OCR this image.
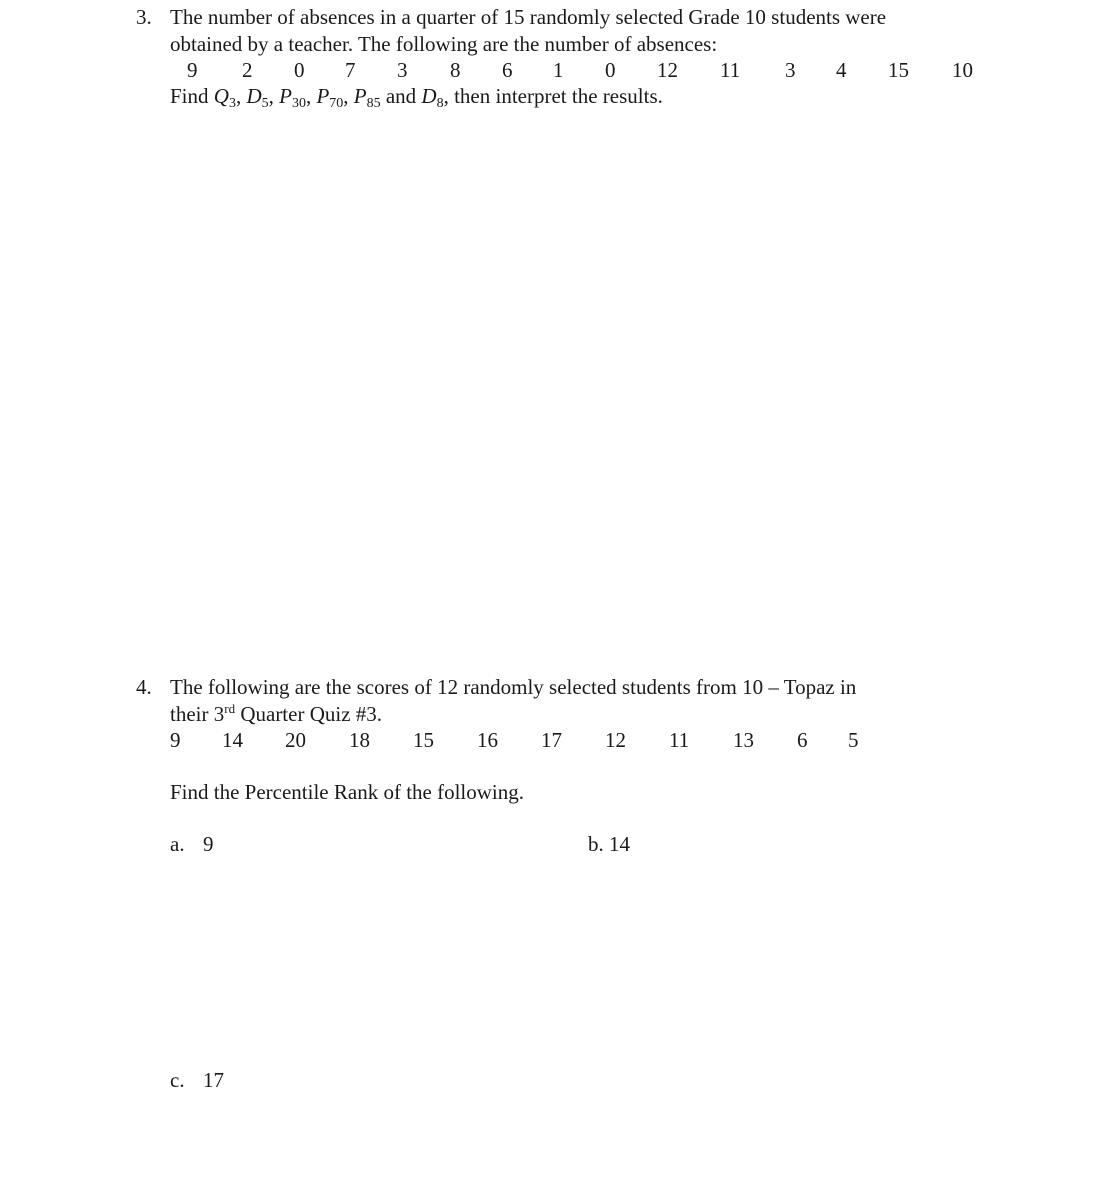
3. The number of absences in a quarter of 15 randomly selected Grade 10 students were
obtained by a teacher. The following are the number of absences:
9 2 0 7 3 8 6 1 0 12 11 3 4 15 10
Find $Q_3$, $D_5$, $P_{30}$, $P_{70}$, $P_{85}$ and $D_8$, then interpret the results.
4. The following are the scores of 12 randomly selected students from 10 – Topaz in
their 3rd Quarter Quiz #3.
9 14 20 18 15 16 17 12 11 13 6 5
Find the Percentile Rank of the following.
a. 9	b. 14
c. 17
